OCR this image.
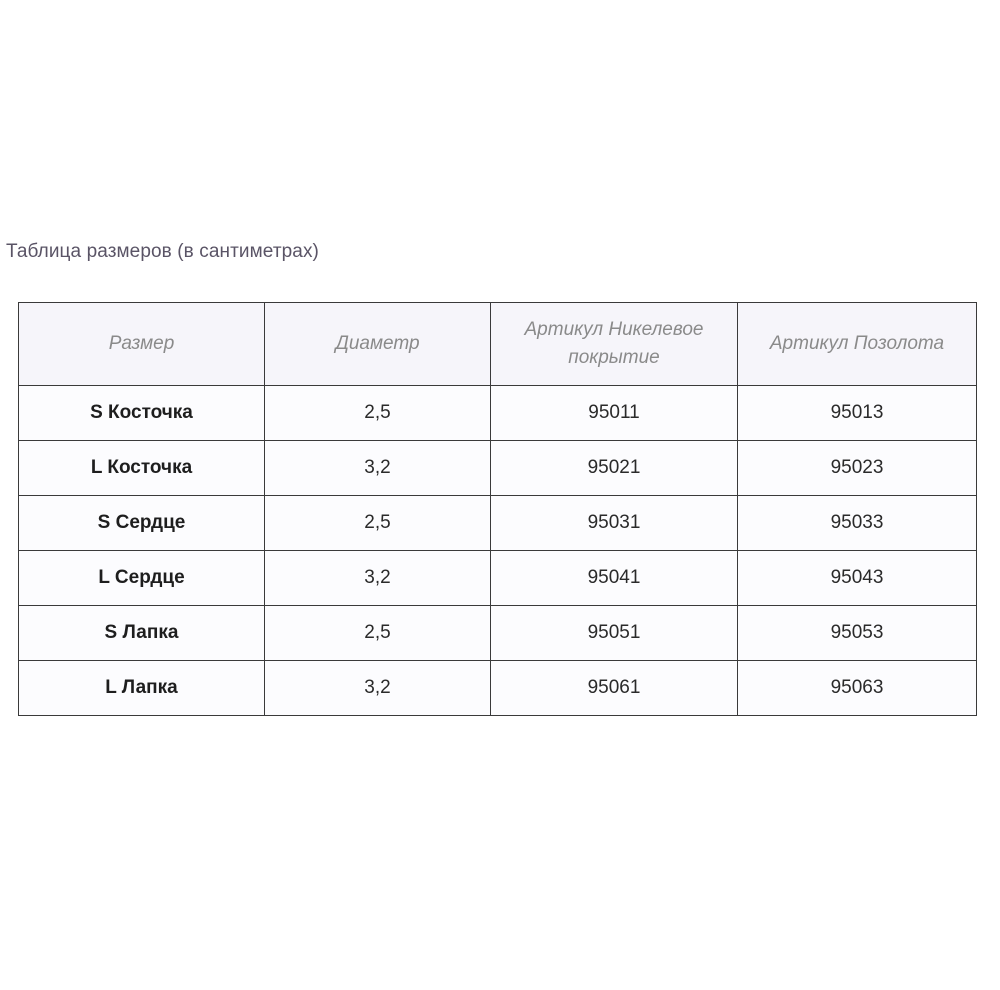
Таблица размеров (в сантиметрах)
Размер	Диаметр	Артикул Никелевое покрытие	Артикул Позолота
S Косточка	2,5	95011	95013
L Косточка	3,2	95021	95023
S Сердце	2,5	95031	95033
L Сердце	3,2	95041	95043
S Лапка	2,5	95051	95053
L Лапка	3,2	95061	95063
